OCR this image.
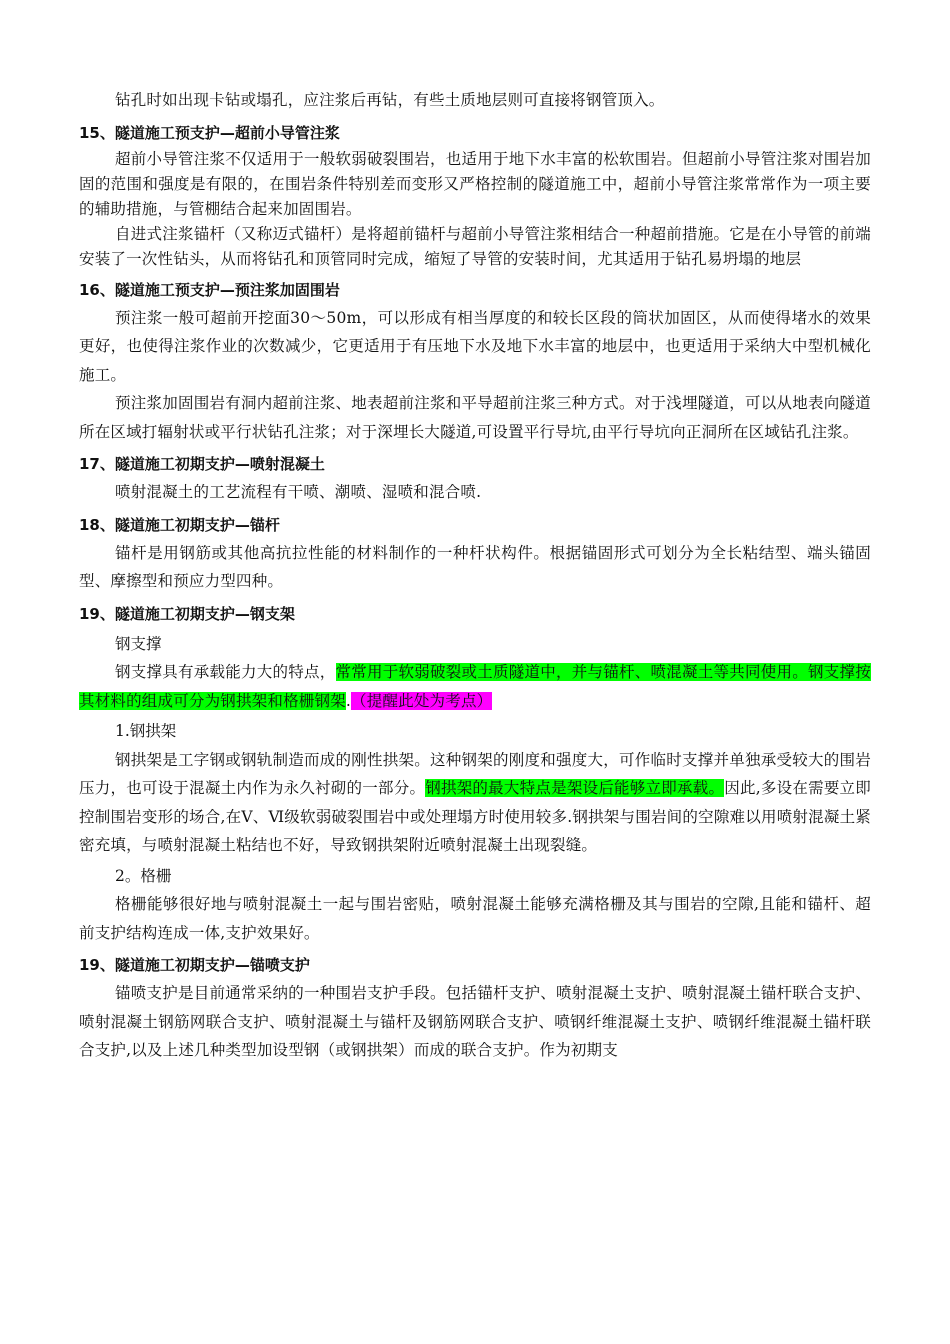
钻孔时如出现卡钻或塌孔，应注浆后再钻，有些土质地层则可直接将钢管顶入。

15、隧道施工预支护—超前小导管注浆

超前小导管注浆不仅适用于一般软弱破裂围岩，也适用于地下水丰富的松软围岩。但超前小导管注浆对围岩加固的范围和强度是有限的，在围岩条件特别差而变形又严格控制的隧道施工中，超前小导管注浆常常作为一项主要的辅助措施，与管棚结合起来加固围岩。

自进式注浆锚杆（又称迈式锚杆）是将超前锚杆与超前小导管注浆相结合一种超前措施。它是在小导管的前端安装了一次性钻头，从而将钻孔和顶管同时完成，缩短了导管的安装时间，尤其适用于钻孔易坍塌的地层

16、隧道施工预支护—预注浆加固围岩

预注浆一般可超前开挖面30～50m，可以形成有相当厚度的和较长区段的筒状加固区，从而使得堵水的效果更好，也使得注浆作业的次数减少，它更适用于有压地下水及地下水丰富的地层中，也更适用于采纳大中型机械化施工。

预注浆加固围岩有洞内超前注浆、地表超前注浆和平导超前注浆三种方式。对于浅埋隧道，可以从地表向隧道所在区域打辐射状或平行状钻孔注浆；对于深埋长大隧道,可设置平行导坑,由平行导坑向正洞所在区域钻孔注浆。

17、隧道施工初期支护—喷射混凝土

喷射混凝土的工艺流程有干喷、潮喷、湿喷和混合喷.

18、隧道施工初期支护—锚杆

锚杆是用钢筋或其他高抗拉性能的材料制作的一种杆状构件。根据锚固形式可划分为全长粘结型、端头锚固型、摩擦型和预应力型四种。

19、隧道施工初期支护—钢支架

钢支撑

钢支撑具有承载能力大的特点，常常用于软弱破裂或土质隧道中，并与锚杆、喷混凝土等共同使用。钢支撑按其材料的组成可分为钢拱架和格栅钢架.（提醒此处为考点）

1.钢拱架

钢拱架是工字钢或钢轨制造而成的刚性拱架。这种钢架的刚度和强度大，可作临时支撑并单独承受较大的围岩压力，也可设于混凝土内作为永久衬砌的一部分。钢拱架的最大特点是架设后能够立即承载。因此,多设在需要立即控制围岩变形的场合,在Ⅴ、Ⅵ级软弱破裂围岩中或处理塌方时使用较多.钢拱架与围岩间的空隙难以用喷射混凝土紧密充填，与喷射混凝土粘结也不好，导致钢拱架附近喷射混凝土出现裂缝。

2。格栅

格栅能够很好地与喷射混凝土一起与围岩密贴，喷射混凝土能够充满格栅及其与围岩的空隙,且能和锚杆、超前支护结构连成一体,支护效果好。

19、隧道施工初期支护—锚喷支护

锚喷支护是目前通常采纳的一种围岩支护手段。包括锚杆支护、喷射混凝土支护、喷射混凝土锚杆联合支护、喷射混凝土钢筋网联合支护、喷射混凝土与锚杆及钢筋网联合支护、喷钢纤维混凝土支护、喷钢纤维混凝土锚杆联合支护,以及上述几种类型加设型钢（或钢拱架）而成的联合支护。作为初期支
